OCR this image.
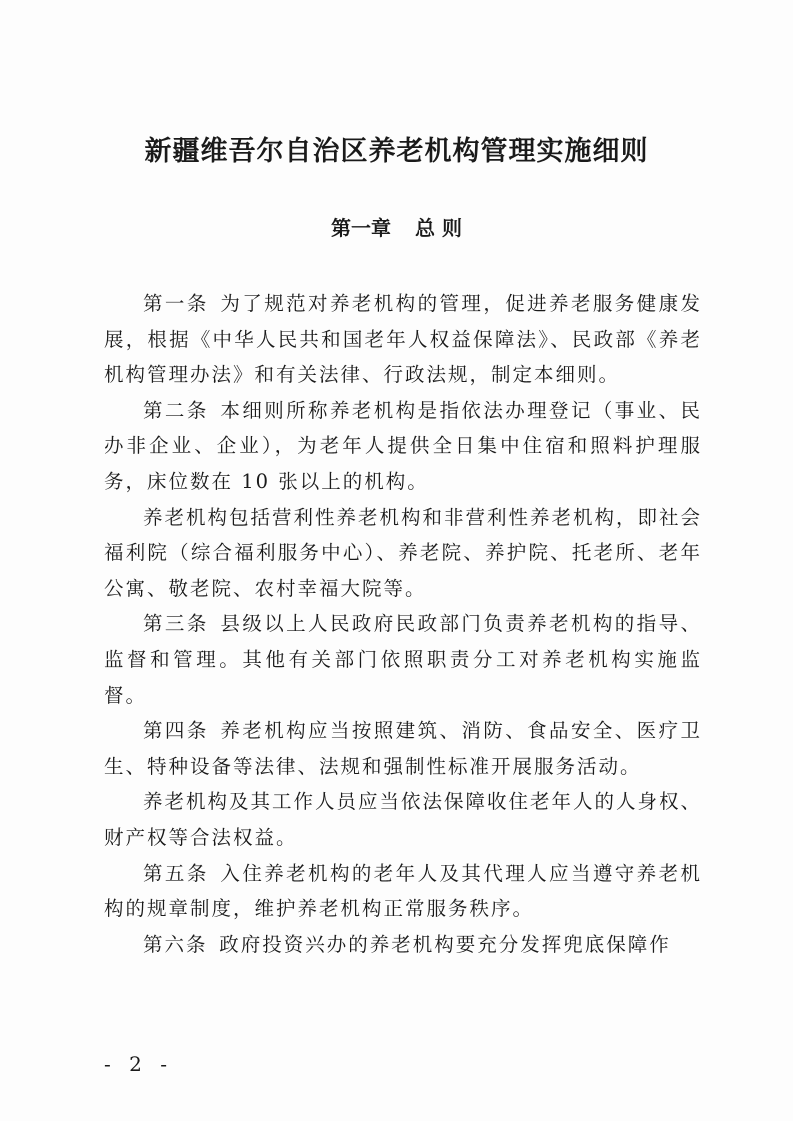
新疆维吾尔自治区养老机构管理实施细则
第一章 总 则

第一条 为了规范对养老机构的管理，促进养老服务健康发展，根据《中华人民共和国老年人权益保障法》、民政部《养老机构管理办法》和有关法律、行政法规，制定本细则。

第二条 本细则所称养老机构是指依法办理登记（事业、民办非企业、企业），为老年人提供全日集中住宿和照料护理服务，床位数在 10 张以上的机构。

养老机构包括营利性养老机构和非营利性养老机构，即社会福利院（综合福利服务中心）、养老院、养护院、托老所、老年公寓、敬老院、农村幸福大院等。

第三条 县级以上人民政府民政部门负责养老机构的指导、监督和管理。其他有关部门依照职责分工对养老机构实施监督。

第四条 养老机构应当按照建筑、消防、食品安全、医疗卫生、特种设备等法律、法规和强制性标准开展服务活动。

养老机构及其工作人员应当依法保障收住老年人的人身权、财产权等合法权益。

第五条 入住养老机构的老年人及其代理人应当遵守养老机构的规章制度，维护养老机构正常服务秩序。

第六条 政府投资兴办的养老机构要充分发挥兜底保障作

- 2 -
